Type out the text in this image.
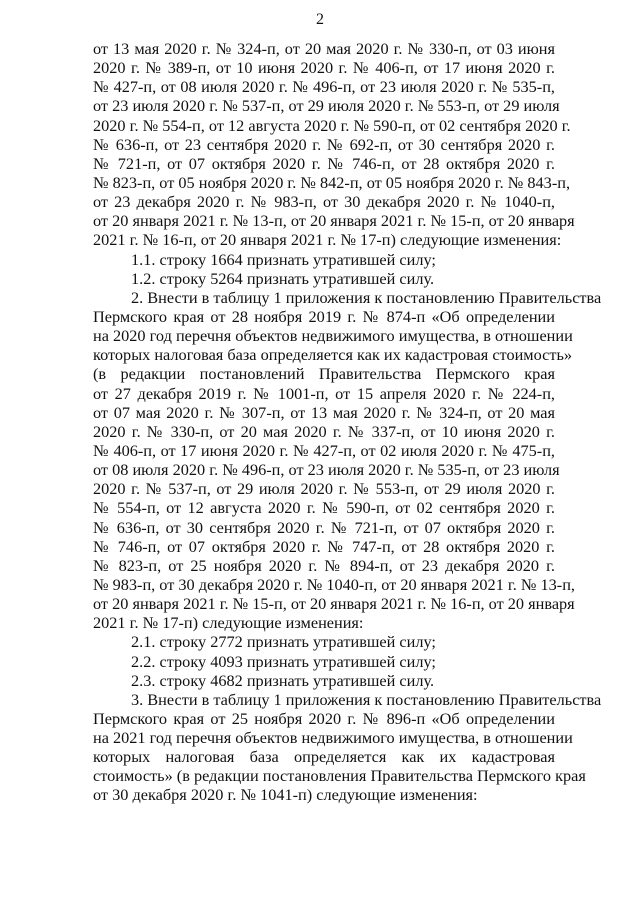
2
от 13 мая 2020 г. № 324-п, от 20 мая 2020 г. № 330-п, от 03 июня
2020 г. № 389-п, от 10 июня 2020 г. № 406-п, от 17 июня 2020 г.
№ 427-п, от 08 июля 2020 г. № 496-п, от 23 июля 2020 г. № 535-п,
от 23 июля 2020 г. № 537-п, от 29 июля 2020 г. № 553-п, от 29 июля
2020 г. № 554-п, от 12 августа 2020 г. № 590-п, от 02 сентября 2020 г.
№ 636-п, от 23 сентября 2020 г. № 692-п, от 30 сентября 2020 г.
№ 721-п, от 07 октября 2020 г. № 746-п, от 28 октября 2020 г.
№ 823-п, от 05 ноября 2020 г. № 842-п, от 05 ноября 2020 г. № 843-п,
от 23 декабря 2020 г. № 983-п, от 30 декабря 2020 г. № 1040-п,
от 20 января 2021 г. № 13-п, от 20 января 2021 г. № 15-п, от 20 января
2021 г. № 16-п, от 20 января 2021 г. № 17-п) следующие изменения:
1.1. строку 1664 признать утратившей силу;
1.2. строку 5264 признать утратившей силу.
2. Внести в таблицу 1 приложения к постановлению Правительства
Пермского края от 28 ноября 2019 г. № 874-п «Об определении
на 2020 год перечня объектов недвижимого имущества, в отношении
которых налоговая база определяется как их кадастровая стоимость»
(в редакции постановлений Правительства Пермского края
от 27 декабря 2019 г. № 1001-п, от 15 апреля 2020 г. № 224-п,
от 07 мая 2020 г. № 307-п, от 13 мая 2020 г. № 324-п, от 20 мая
2020 г. № 330-п, от 20 мая 2020 г. № 337-п, от 10 июня 2020 г.
№ 406-п, от 17 июня 2020 г. № 427-п, от 02 июля 2020 г. № 475-п,
от 08 июля 2020 г. № 496-п, от 23 июля 2020 г. № 535-п, от 23 июля
2020 г. № 537-п, от 29 июля 2020 г. № 553-п, от 29 июля 2020 г.
№ 554-п, от 12 августа 2020 г. № 590-п, от 02 сентября 2020 г.
№ 636-п, от 30 сентября 2020 г. № 721-п, от 07 октября 2020 г.
№ 746-п, от 07 октября 2020 г. № 747-п, от 28 октября 2020 г.
№ 823-п, от 25 ноября 2020 г. № 894-п, от 23 декабря 2020 г.
№ 983-п, от 30 декабря 2020 г. № 1040-п, от 20 января 2021 г. № 13-п,
от 20 января 2021 г. № 15-п, от 20 января 2021 г. № 16-п, от 20 января
2021 г. № 17-п) следующие изменения:
2.1. строку 2772 признать утратившей силу;
2.2. строку 4093 признать утратившей силу;
2.3. строку 4682 признать утратившей силу.
3. Внести в таблицу 1 приложения к постановлению Правительства
Пермского края от 25 ноября 2020 г. № 896-п «Об определении
на 2021 год перечня объектов недвижимого имущества, в отношении
которых налоговая база определяется как их кадастровая
стоимость» (в редакции постановления Правительства Пермского края
от 30 декабря 2020 г. № 1041-п) следующие изменения:
